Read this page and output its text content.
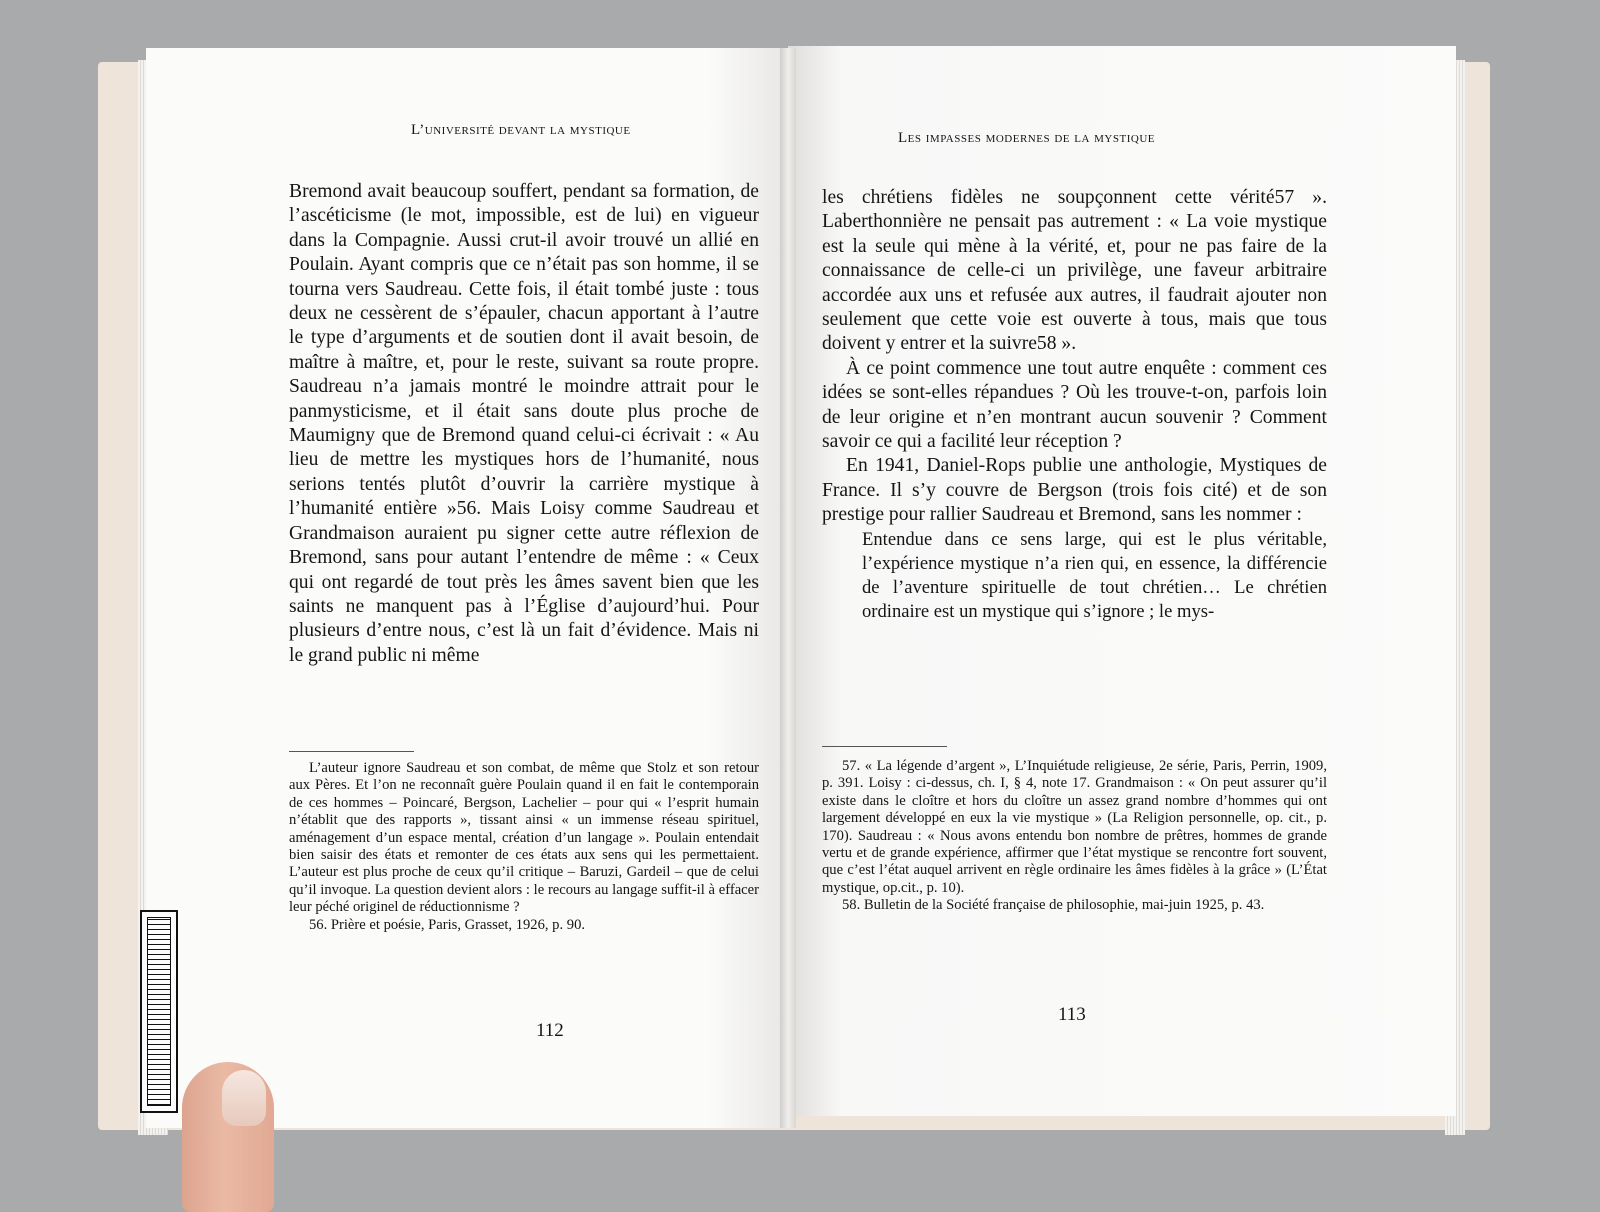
L’université devant la mystique

Bremond avait beaucoup souffert, pendant sa formation, de l’ascéticisme (le mot, impossible, est de lui) en vigueur dans la Compagnie. Aussi crut-il avoir trouvé un allié en Poulain. Ayant compris que ce n’était pas son homme, il se tourna vers Saudreau. Cette fois, il était tombé juste : tous deux ne cessèrent de s’épauler, chacun apportant à l’autre le type d’arguments et de soutien dont il avait besoin, de maître à maître, et, pour le reste, suivant sa route propre. Saudreau n’a jamais montré le moindre attrait pour le panmysticisme, et il était sans doute plus proche de Maumigny que de Bremond quand celui-ci écrivait : « Au lieu de mettre les mystiques hors de l’humanité, nous serions tentés plutôt d’ouvrir la carrière mystique à l’humanité entière »56. Mais Loisy comme Saudreau et Grandmaison auraient pu signer cette autre réflexion de Bremond, sans pour autant l’entendre de même : « Ceux qui ont regardé de tout près les âmes savent bien que les saints ne manquent pas à l’Église d’aujourd’hui. Pour plusieurs d’entre nous, c’est là un fait d’évidence. Mais ni le grand public ni même

L’auteur ignore Saudreau et son combat, de même que Stolz et son retour aux Pères. Et l’on ne reconnaît guère Poulain quand il en fait le contemporain de ces hommes – Poincaré, Bergson, Lachelier – pour qui « l’esprit humain n’établit que des rapports », tissant ainsi « un immense réseau spirituel, aménagement d’un espace mental, création d’un langage ». Poulain entendait bien saisir des états et remonter de ces états aux sens qui les permettaient. L’auteur est plus proche de ceux qu’il critique – Baruzi, Gardeil – que de celui qu’il invoque. La question devient alors : le recours au langage suffit-il à effacer leur péché originel de réductionnisme ?

56. Prière et poésie, Paris, Grasset, 1926, p. 90.

112
Les impasses modernes de la mystique

les chrétiens fidèles ne soupçonnent cette vérité57 ». Laberthonnière ne pensait pas autrement : « La voie mystique est la seule qui mène à la vérité, et, pour ne pas faire de la connaissance de celle-ci un privilège, une faveur arbitraire accordée aux uns et refusée aux autres, il faudrait ajouter non seulement que cette voie est ouverte à tous, mais que tous doivent y entrer et la suivre58 ».

À ce point commence une tout autre enquête : comment ces idées se sont-elles répandues ? Où les trouve-t-on, parfois loin de leur origine et n’en montrant aucun souvenir ? Comment savoir ce qui a facilité leur réception ?

En 1941, Daniel-Rops publie une anthologie, Mystiques de France. Il s’y couvre de Bergson (trois fois cité) et de son prestige pour rallier Saudreau et Bremond, sans les nommer :

Entendue dans ce sens large, qui est le plus véritable, l’expérience mystique n’a rien qui, en essence, la différencie de l’aventure spirituelle de tout chrétien… Le chrétien ordinaire est un mystique qui s’ignore ; le mys-

57. « La légende d’argent », L’Inquiétude religieuse, 2e série, Paris, Perrin, 1909, p. 391. Loisy : ci-dessus, ch. I, § 4, note 17. Grandmaison : « On peut assurer qu’il existe dans le cloître et hors du cloître un assez grand nombre d’hommes qui ont largement développé en eux la vie mystique » (La Religion personnelle, op. cit., p. 170). Saudreau : « Nous avons entendu bon nombre de prêtres, hommes de grande vertu et de grande expérience, affirmer que l’état mystique se rencontre fort souvent, que c’est l’état auquel arrivent en règle ordinaire les âmes fidèles à la grâce » (L’État mystique, op.cit., p. 10).

58. Bulletin de la Société française de philosophie, mai-juin 1925, p. 43.

113
